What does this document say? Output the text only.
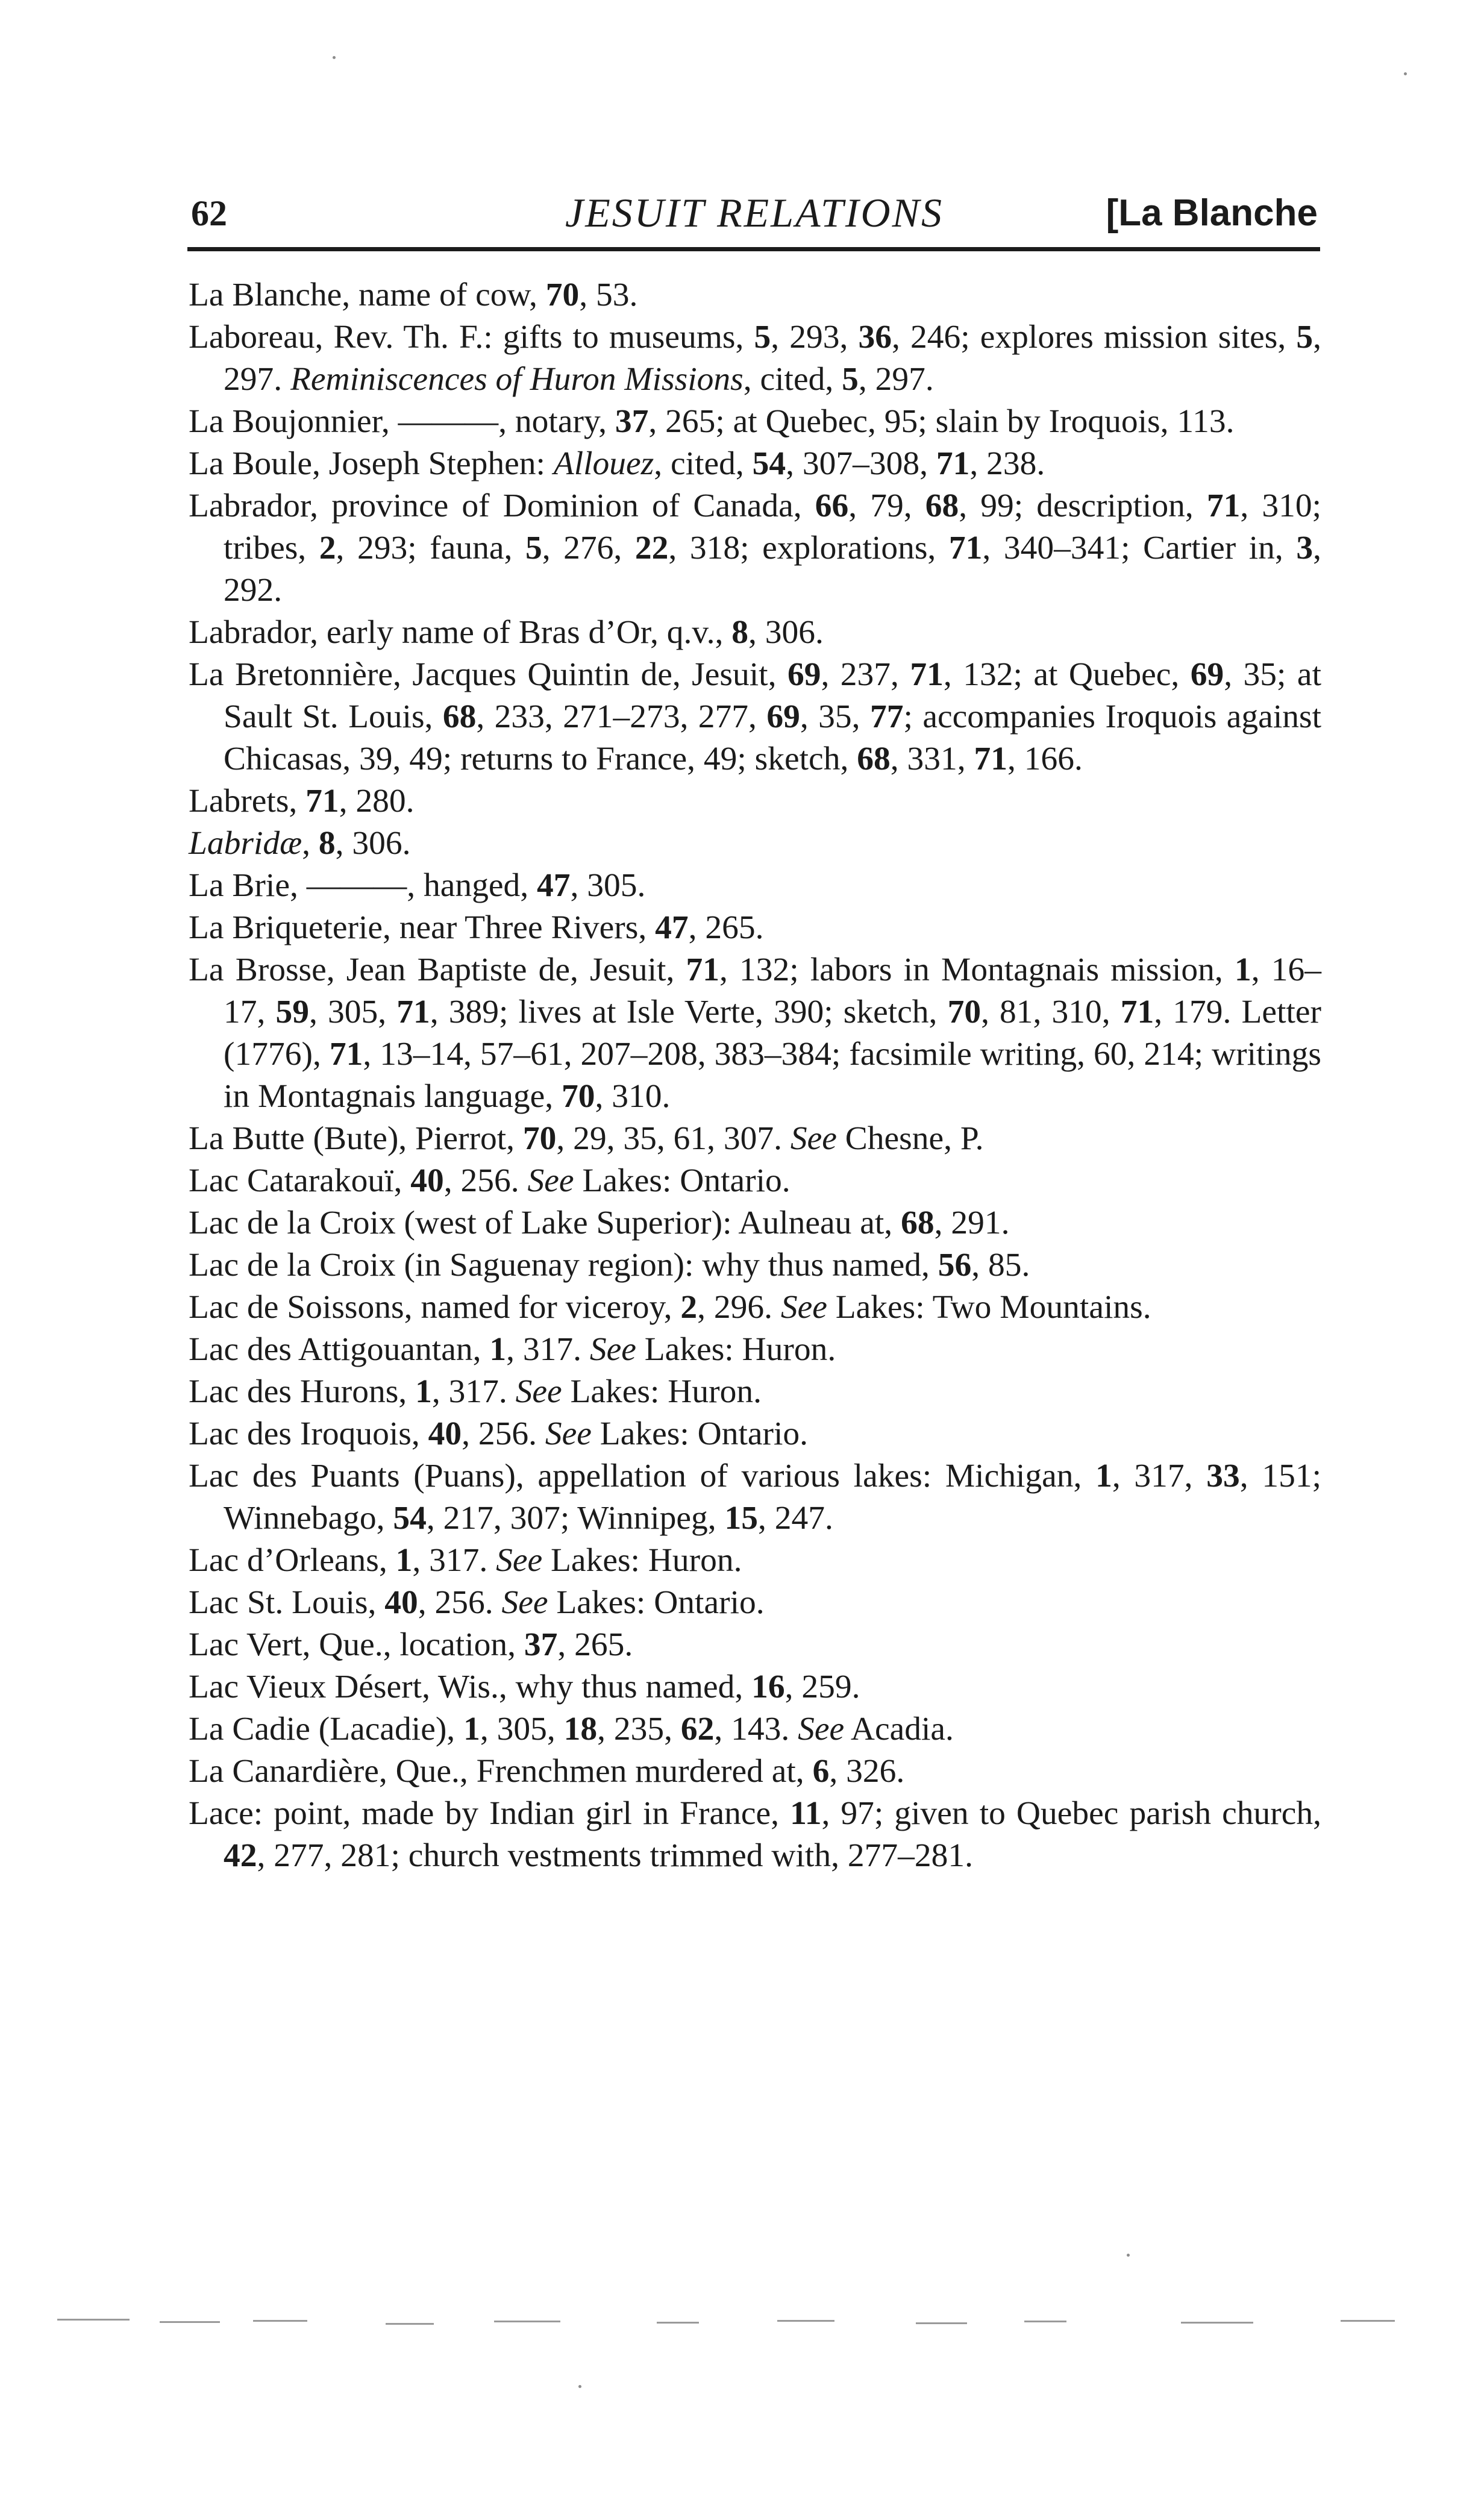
62	JESUIT RELATIONS	[La Blanche
La Blanche, name of cow, 70, 53.
Laboreau, Rev. Th. F.: gifts to museums, 5, 293, 36, 246; explores mission sites, 5, 297. Reminiscences of Huron Missions, cited, 5, 297.
La Boujonnier, ———, notary, 37, 265; at Quebec, 95; slain by Iroquois, 113.
La Boule, Joseph Stephen: Allouez, cited, 54, 307–308, 71, 238.
Labrador, province of Dominion of Canada, 66, 79, 68, 99; description, 71, 310; tribes, 2, 293; fauna, 5, 276, 22, 318; explorations, 71, 340–341; Cartier in, 3, 292.
Labrador, early name of Bras d’Or, q.v., 8, 306.
La Bretonnière, Jacques Quintin de, Jesuit, 69, 237, 71, 132; at Quebec, 69, 35; at Sault St. Louis, 68, 233, 271–273, 277, 69, 35, 77; accompanies Iroquois against Chicasas, 39, 49; returns to France, 49; sketch, 68, 331, 71, 166.
Labrets, 71, 280.
Labridæ, 8, 306.
La Brie, ———, hanged, 47, 305.
La Briqueterie, near Three Rivers, 47, 265.
La Brosse, Jean Baptiste de, Jesuit, 71, 132; labors in Montagnais mission, 1, 16–17, 59, 305, 71, 389; lives at Isle Verte, 390; sketch, 70, 81, 310, 71, 179. Letter (1776), 71, 13–14, 57–61, 207–208, 383–384; facsimile writing, 60, 214; writings in Montagnais language, 70, 310.
La Butte (Bute), Pierrot, 70, 29, 35, 61, 307. See Chesne, P.
Lac Catarakouï, 40, 256. See Lakes: Ontario.
Lac de la Croix (west of Lake Superior): Aulneau at, 68, 291.
Lac de la Croix (in Saguenay region): why thus named, 56, 85.
Lac de Soissons, named for viceroy, 2, 296. See Lakes: Two Mountains.
Lac des Attigouantan, 1, 317. See Lakes: Huron.
Lac des Hurons, 1, 317. See Lakes: Huron.
Lac des Iroquois, 40, 256. See Lakes: Ontario.
Lac des Puants (Puans), appellation of various lakes: Michigan, 1, 317, 33, 151; Winnebago, 54, 217, 307; Winnipeg, 15, 247.
Lac d’Orleans, 1, 317. See Lakes: Huron.
Lac St. Louis, 40, 256. See Lakes: Ontario.
Lac Vert, Que., location, 37, 265.
Lac Vieux Désert, Wis., why thus named, 16, 259.
La Cadie (Lacadie), 1, 305, 18, 235, 62, 143. See Acadia.
La Canardière, Que., Frenchmen murdered at, 6, 326.
Lace: point, made by Indian girl in France, 11, 97; given to Quebec parish church, 42, 277, 281; church vestments trimmed with, 277–281.
